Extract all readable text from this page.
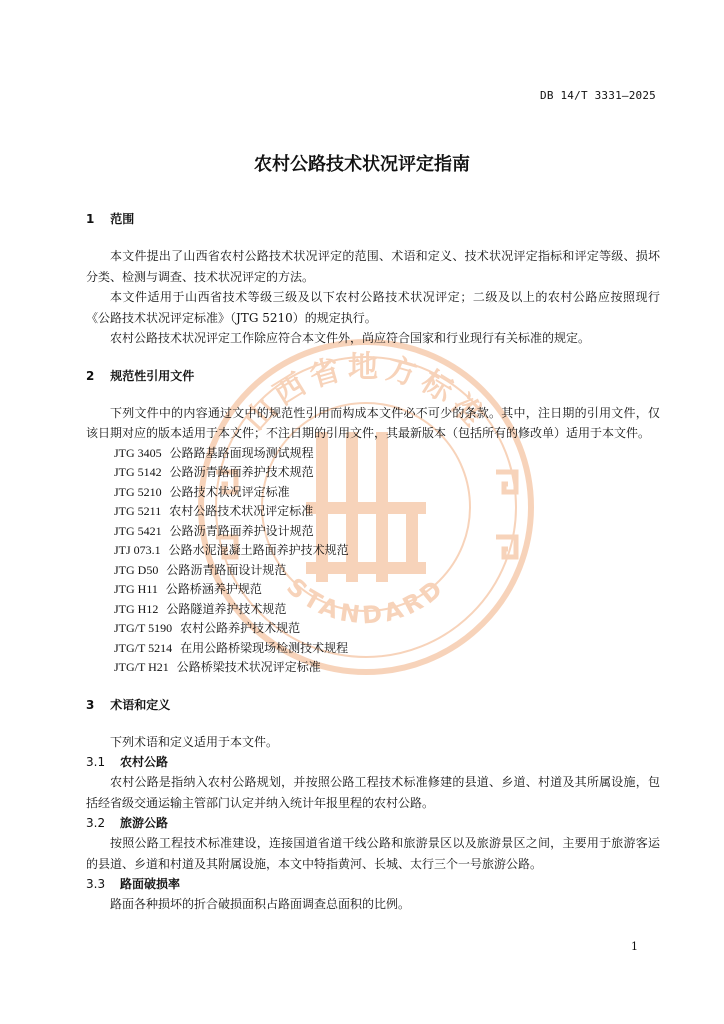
山西省地方标准
STANDARD
DB 14/T 3331—2025
农村公路技术状况评定指南
1 范围
本文件提出了山西省农村公路技术状况评定的范围、术语和定义、技术状况评定指标和评定等级、损坏分类、检测与调查、技术状况评定的方法。
本文件适用于山西省技术等级三级及以下农村公路技术状况评定；二级及以上的农村公路应按照现行《公路技术状况评定标准》（JTG 5210）的规定执行。
农村公路技术状况评定工作除应符合本文件外，尚应符合国家和行业现行有关标准的规定。
2 规范性引用文件
下列文件中的内容通过文中的规范性引用而构成本文件必不可少的条款。其中，注日期的引用文件，仅该日期对应的版本适用于本文件；不注日期的引用文件，其最新版本（包括所有的修改单）适用于本文件。
JTG 3405 公路路基路面现场测试规程
JTG 5142 公路沥青路面养护技术规范
JTG 5210 公路技术状况评定标准
JTG 5211 农村公路技术状况评定标准
JTG 5421 公路沥青路面养护设计规范
JTJ 073.1 公路水泥混凝土路面养护技术规范
JTG D50 公路沥青路面设计规范
JTG H11 公路桥涵养护规范
JTG H12 公路隧道养护技术规范
JTG/T 5190 农村公路养护技术规范
JTG/T 5214 在用公路桥梁现场检测技术规程
JTG/T H21 公路桥梁技术状况评定标准
3 术语和定义
下列术语和定义适用于本文件。
3.1 农村公路
农村公路是指纳入农村公路规划，并按照公路工程技术标准修建的县道、乡道、村道及其所属设施，包括经省级交通运输主管部门认定并纳入统计年报里程的农村公路。
3.2 旅游公路
按照公路工程技术标准建设，连接国道省道干线公路和旅游景区以及旅游景区之间，主要用于旅游客运的县道、乡道和村道及其附属设施，本文中特指黄河、长城、太行三个一号旅游公路。
3.3 路面破损率
路面各种损坏的折合破损面积占路面调查总面积的比例。
1
